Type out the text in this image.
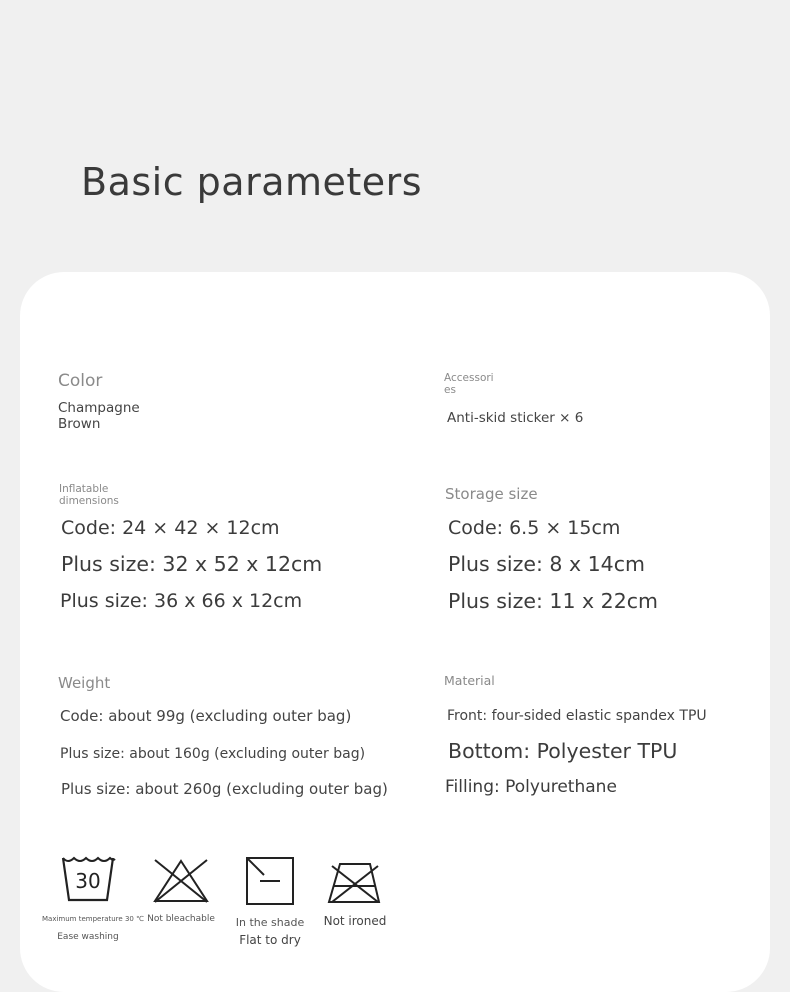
Basic parameters
Color
Champagne
Brown
Accessori
es
Anti-skid sticker × 6
Inflatable
dimensions
Code: 24 × 42 × 12cm
Plus size: 32 x 52 x 12cm
Plus size: 36 x 66 x 12cm
Storage size
Code: 6.5 × 15cm
Plus size: 8 x 14cm
Plus size: 11 x 22cm
Weight
Code: about 99g (excluding outer bag)
Plus size: about 160g (excluding outer bag)
Plus size: about 260g (excluding outer bag)
Material
Front: four-sided elastic spandex TPU
Bottom: Polyester TPU
Filling: Polyurethane
30
Maximum temperature 30 ℃
Ease washing
Not bleachable	In the shade
Flat to dry
Not ironed
